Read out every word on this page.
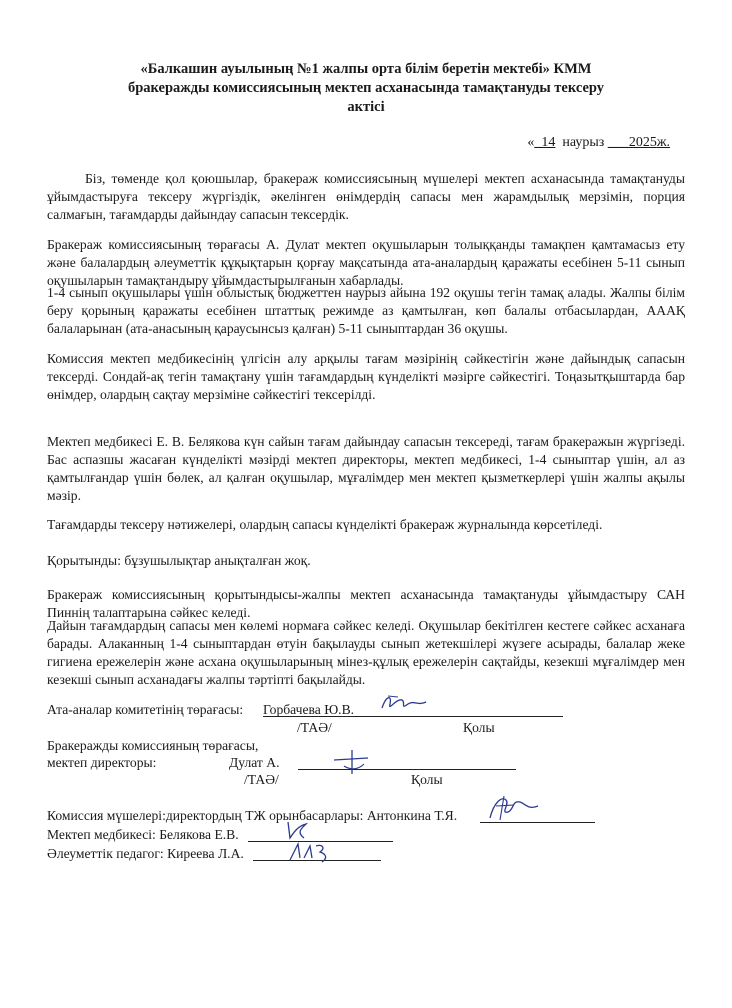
«Балкашин ауылының №1 жалпы орта білім беретін мектебі» КММ
бракеражды комиссиясының мектеп асханасында тамақтануды тексеру
актісі
«_14 наурыз ___2025ж.
Біз, төменде қол қоюшылар, бракераж комиссиясының мүшелері мектеп асханасында тамақтануды ұйымдастыруға тексеру жүргіздік, әкелінген өнімдердің сапасы мен жарамдылық мерзімін, порция салмағын, тағамдарды дайындау сапасын тексердік.
Бракераж комиссиясының төрағасы А. Дулат мектеп оқушыларын толыққанды тамақпен қамтамасыз ету және балалардың әлеуметтік құқықтарын қорғау мақсатында ата-аналардың қаражаты есебінен 5-11 сынып оқушыларын тамақтандыру ұйымдастырылғанын хабарлады.
1-4 сынып оқушылары үшін облыстық бюджеттен наурыз айына 192 оқушы тегін тамақ алады. Жалпы білім беру қорының қаражаты есебінен штаттық режимде аз қамтылған, көп балалы отбасылардан, АААҚ балаларынан (ата-анасының қараусынсыз қалған) 5-11 сыныптардан 36 оқушы.
Комиссия мектеп медбикесінің үлгісін алу арқылы тағам мәзірінің сәйкестігін және дайындық сапасын тексерді. Сондай-ақ тегін тамақтану үшін тағамдардың күнделікті мәзірге сәйкестігі. Тоңазытқыштарда бар өнімдер, олардың сақтау мерзіміне сәйкестігі тексерілді.
Мектеп медбикесі Е. В. Белякова күн сайын тағам дайындау сапасын тексереді, тағам бракеражын жүргізеді. Бас аспазшы жасаған күнделікті мәзірді мектеп директоры, мектеп медбикесі, 1-4 сыныптар үшін, ал аз қамтылғандар үшін бөлек, ал қалған оқушылар, мұғалімдер мен мектеп қызметкерлері үшін жалпы ақылы мәзір.
Тағамдарды тексеру нәтижелері, олардың сапасы күнделікті бракераж журналында көрсетіледі.
Қорытынды: бұзушылықтар анықталған жоқ.
Бракераж комиссиясының қорытындысы-жалпы мектеп асханасында тамақтануды ұйымдастыру САН Пиннің талаптарына сәйкес келеді.
Дайын тағамдардың сапасы мен көлемі нормаға сәйкес келеді. Оқушылар бекітілген кестеге сәйкес асханаға барады. Алаканның 1-4 сыныптардан өтуін бақылауды сынып жетекшілері жүзеге асырады, балалар жеке гигиена ережелерін және асхана оқушыларының мінез-құлық ережелерін сақтайды, кезекші мұғалімдер мен кезекші сынып асханадағы жалпы тәртіпті бақылайды.
Ата-аналар комитетінің төрағасы: Горбачева Ю.В.
/ТАӘ/	Қолы
Бракеражды комиссияның төрағасы,
мектеп директоры:	Дулат А.
/ТАӘ/	Қолы
Комиссия мүшелері:директордың ТЖ орынбасарлары: Антонкина Т.Я.
Мектеп медбикесі: Белякова Е.В.
Әлеуметтік педагог: Киреева Л.А.
